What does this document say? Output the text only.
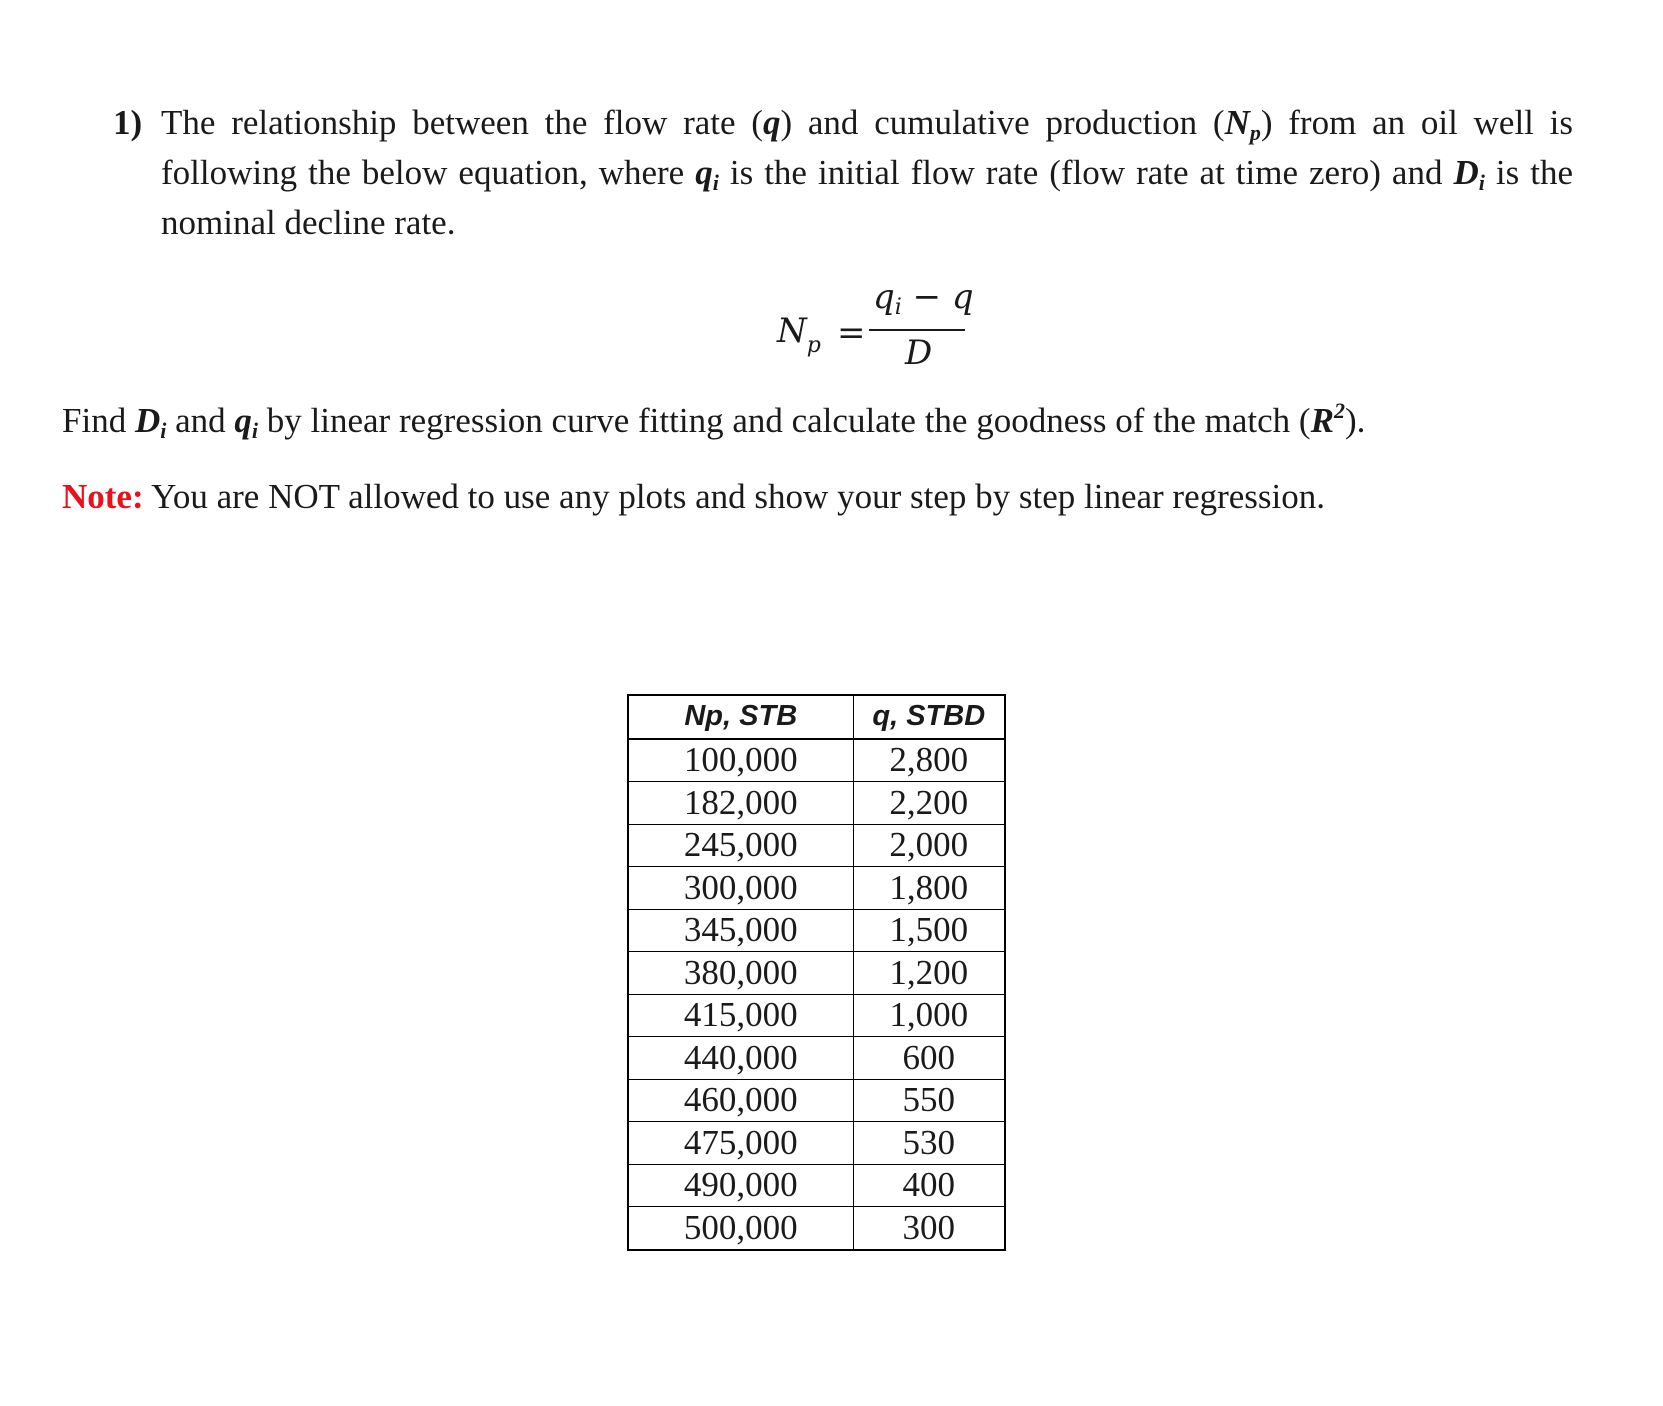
1) The relationship between the flow rate (q) and cumulative production $(N_p)$ from an oil well is
following the below equation, where $q_i$ is the initial flow rate (flow rate at time zero) and $D_i$ is the
nominal decline rate.
$N_p$ =
$q_i - q$
D
Find $D_i$ and $q_i$ by linear regression curve fitting and calculate the goodness of the match $(R^2)$.
Note: You are NOT allowed to use any plots and show your step by step linear regression.
Np, STB	q, STBD
100,000	2,800
182,000	2,200
245,000	2,000
300,000	1,800
345,000	1,500
380,000	1,200
415,000	1,000
440,000	600
460,000	550
475,000	530
490,000	400
500,000	300
